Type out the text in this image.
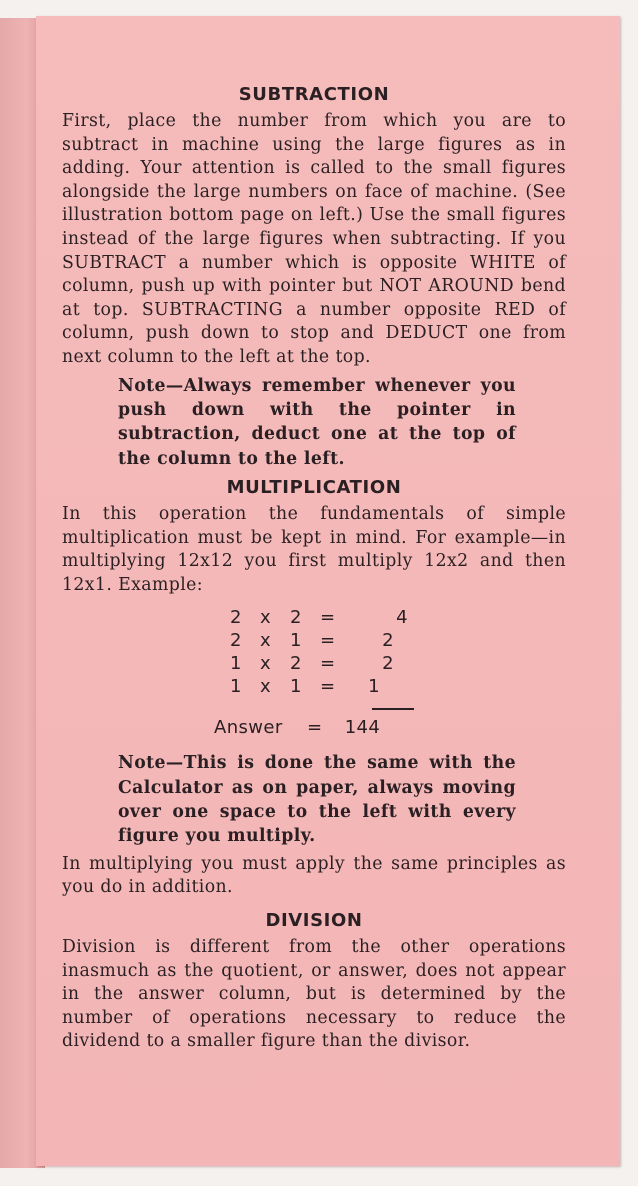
SUBTRACTION

First, place the number from which you are to subtract in machine using the large figures as in adding. Your attention is called to the small figures alongside the large numbers on face of machine. (See illustration bottom page on left.) Use the small figures instead of the large figures when subtracting. If you SUBTRACT a number which is opposite WHITE of column, push up with pointer but NOT AROUND bend at top. SUBTRACTING a number opposite RED of column, push down to stop and DEDUCT one from next column to the left at the top.

Note—Always remember whenever you push down with the pointer in subtraction, deduct one at the top of the column to the left.

MULTIPLICATION

In this operation the fundamentals of simple multiplication must be kept in mind. For example—in multiplying 12x12 you first multiply 12x2 and then 12x1. Example:

2	x	2	=	4
2	x	1	=	2
1	x	2	=	2
1	x	1	=	1
Answer = 144

Note—This is done the same with the Calculator as on paper, always moving over one space to the left with every figure you multiply.

In multiplying you must apply the same principles as you do in addition.

DIVISION

Division is different from the other operations inasmuch as the quotient, or answer, does not appear in the answer column, but is determined by the number of operations necessary to reduce the dividend to a smaller figure than the divisor.
